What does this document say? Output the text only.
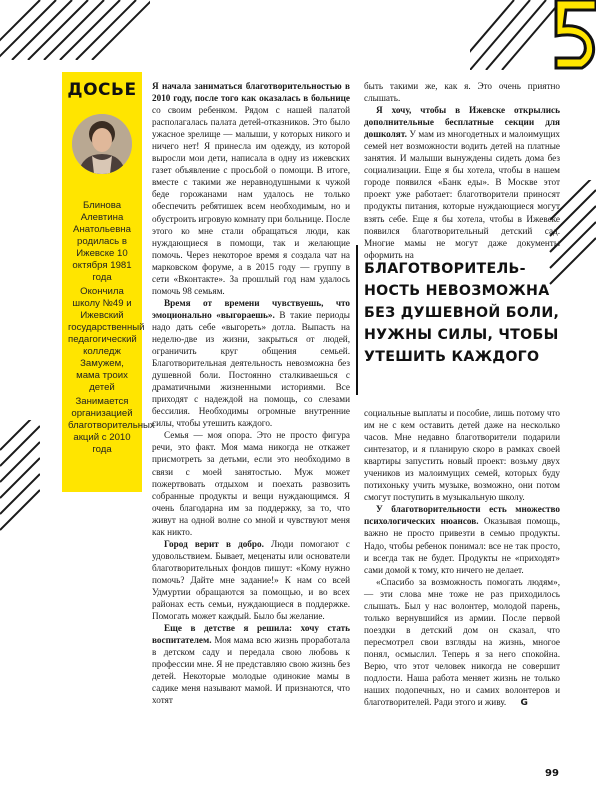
ДОСЬЕ
Блинова Алевтина Анатольевна родилась в Ижевске 10 октября 1981 года
Окончила школу №49 и Ижевский государственный педагогический колледж
Замужем, мама троих детей
Занимается организацией благотворительных акций с 2010 года

Я начала заниматься благотворительностью в 2010 году, после того как оказалась в больнице со своим ребенком. Рядом с нашей палатой располагалась палата детей-отказников. Это было ужасное зрелище — малыши, у которых никого и ничего нет! Я принесла им одежду, из которой выросли мои дети, написала в одну из ижевских газет объявление с просьбой о помощи. В итоге, вместе с такими же неравнодушными к чужой беде горожанами нам удалось не только обеспечить ребятишек всем необходимым, но и обустроить игровую комнату при больнице. После этого ко мне стали обращаться люди, как нуждающиеся в помощи, так и желающие помочь. Через некоторое время я создала чат на марковском форуме, а в 2015 году — группу в сети «Вконтакте». За прошлый год нам удалось помочь 98 семьям.

Время от времени чувствуешь, что эмоционально «выгораешь». В такие периоды надо дать себе «выгореть» дотла. Выпасть на неделю-две из жизни, закрыться от людей, ограничить круг общения семьей. Благотворительная деятельность невозможна без душевной боли. Постоянно сталкиваешься с драматичными жизненными историями. Все приходят с надеждой на помощь, со слезами бессилия. Необходимы огромные внутренние силы, чтобы утешить каждого.

Семья — моя опора. Это не просто фигура речи, это факт. Моя мама никогда не откажет присмотреть за детьми, если это необходимо в связи с моей занятостью. Муж может пожертвовать отдыхом и поехать развозить собранные продукты и вещи нуждающимся. Я очень благодарна им за поддержку, за то, что живут на одной волне со мной и чувствуют меня как никто.

Город верит в добро. Люди помогают с удовольствием. Бывает, меценаты или основатели благотворительных фондов пишут: «Кому нужно помочь? Дайте мне задание!» К нам со всей Удмуртии обращаются за помощью, и во всех районах есть семьи, нуждающиеся в поддержке. Помогать может каждый. Было бы желание.

Еще в детстве я решила: хочу стать воспитателем. Моя мама всю жизнь проработала в детском саду и передала свою любовь к профессии мне. Я не представляю свою жизнь без детей. Некоторые молодые одинокие мамы в садике меня называют мамой. И признаются, что хотят

быть такими же, как я. Это очень приятно слышать.

Я хочу, чтобы в Ижевске открылись дополнительные бесплатные секции для дошколят. У мам из многодетных и малоимущих семей нет возможности водить детей на платные занятия. И малыши вынуждены сидеть дома без социализации. Еще я бы хотела, чтобы в нашем городе появился «Банк еды». В Москве этот проект уже работает: благотворители приносят продукты питания, которые нуждающиеся могут взять себе. Еще я бы хотела, чтобы в Ижевске появился благотворительный детский сад. Многие мамы не могут даже документы оформить на

БЛАГОТВОРИТЕЛЬ-НОСТЬ НЕВОЗМОЖНА БЕЗ ДУШЕВНОЙ БОЛИ, НУЖНЫ СИЛЫ, ЧТОБЫ УТЕШИТЬ КАЖДОГО

социальные выплаты и пособие, лишь потому что им не с кем оставить детей даже на несколько часов. Мне недавно благотворители подарили синтезатор, и я планирую скоро в рамках своей квартиры запустить новый проект: возьму двух учеников из малоимущих семей, которых буду потихоньку учить музыке, возможно, они потом смогут поступить в музыкальную школу.

У благотворительности есть множество психологических нюансов. Оказывая помощь, важно не просто привезти в семью продукты. Надо, чтобы ребенок понимал: все не так просто, и всегда так не будет. Продукты не «приходят» сами домой к тому, кто ничего не делает.

«Спасибо за возможность помогать людям», — эти слова мне тоже не раз приходилось слышать. Был у нас волонтер, молодой парень, только вернувшийся из армии. После первой поездки в детский дом он сказал, что пересмотрел свои взгляды на жизнь, многое понял, осмыслил. Теперь я за него спокойна. Верю, что этот человек никогда не совершит подлости. Наша работа меняет жизнь не только наших подопечных, но и самих волонтеров и благотворителей. Ради этого и живу. G

99
